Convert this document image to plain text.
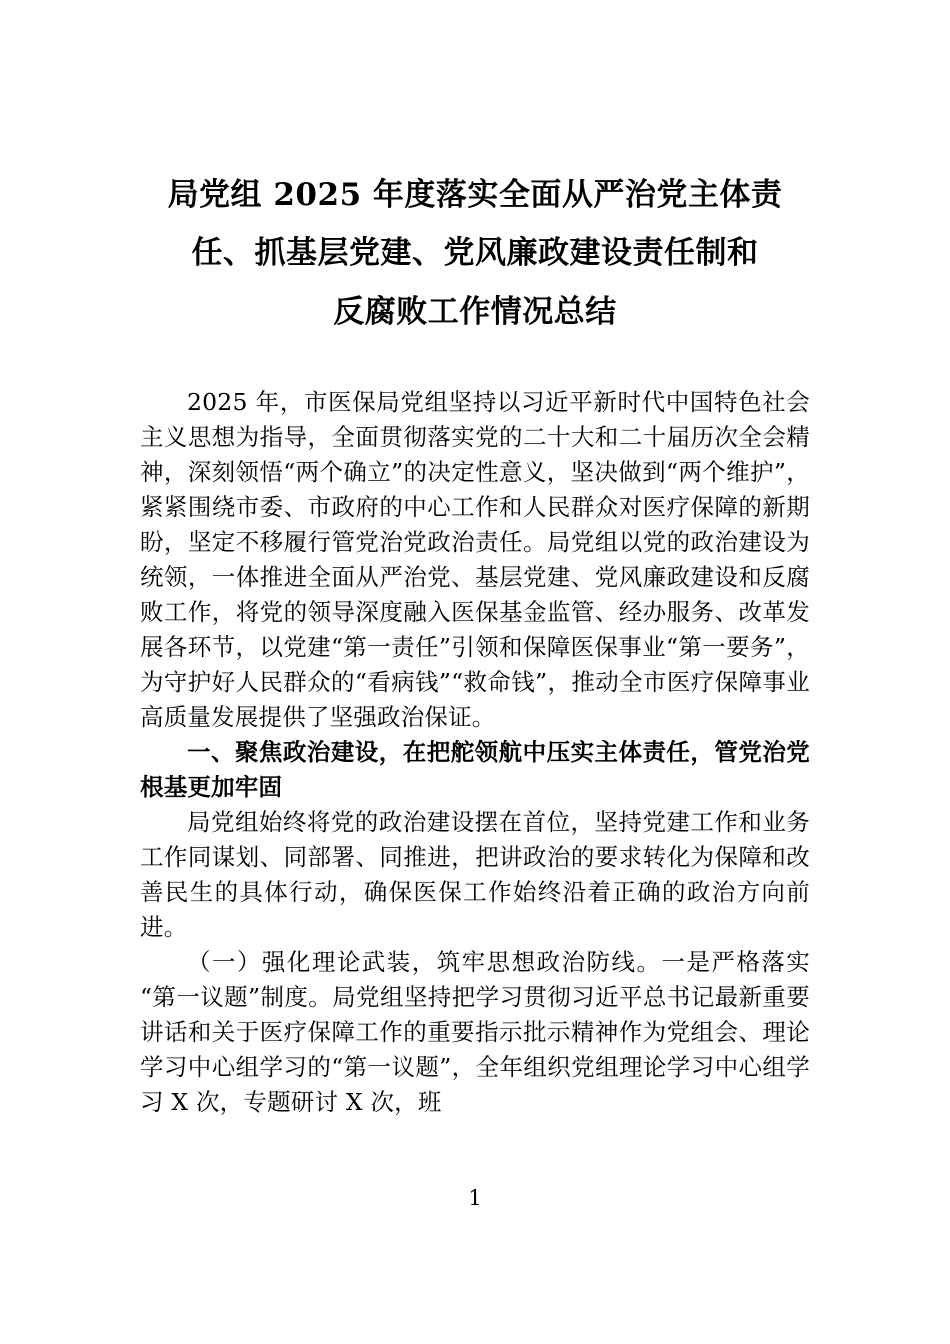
局党组 2025 年度落实全面从严治党主体责
任、抓基层党建、党风廉政建设责任制和
反腐败工作情况总结

2025 年，市医保局党组坚持以习近平新时代中国特色社会主义思想为指导，全面贯彻落实党的二十大和二十届历次全会精神，深刻领悟“两个确立”的决定性意义，坚决做到“两个维护”，紧紧围绕市委、市政府的中心工作和人民群众对医疗保障的新期盼，坚定不移履行管党治党政治责任。局党组以党的政治建设为统领，一体推进全面从严治党、基层党建、党风廉政建设和反腐败工作，将党的领导深度融入医保基金监管、经办服务、改革发展各环节，以党建“第一责任”引领和保障医保事业“第一要务”，为守护好人民群众的“看病钱”“救命钱”，推动全市医疗保障事业高质量发展提供了坚强政治保证。

一、聚焦政治建设，在把舵领航中压实主体责任，管党治党根基更加牢固

局党组始终将党的政治建设摆在首位，坚持党建工作和业务工作同谋划、同部署、同推进，把讲政治的要求转化为保障和改善民生的具体行动，确保医保工作始终沿着正确的政治方向前进。

（一）强化理论武装，筑牢思想政治防线。一是严格落实“第一议题”制度。局党组坚持把学习贯彻习近平总书记最新重要讲话和关于医疗保障工作的重要指示批示精神作为党组会、理论学习中心组学习的“第一议题”，全年组织党组理论学习中心组学习 X 次，专题研讨 X 次，班

1
